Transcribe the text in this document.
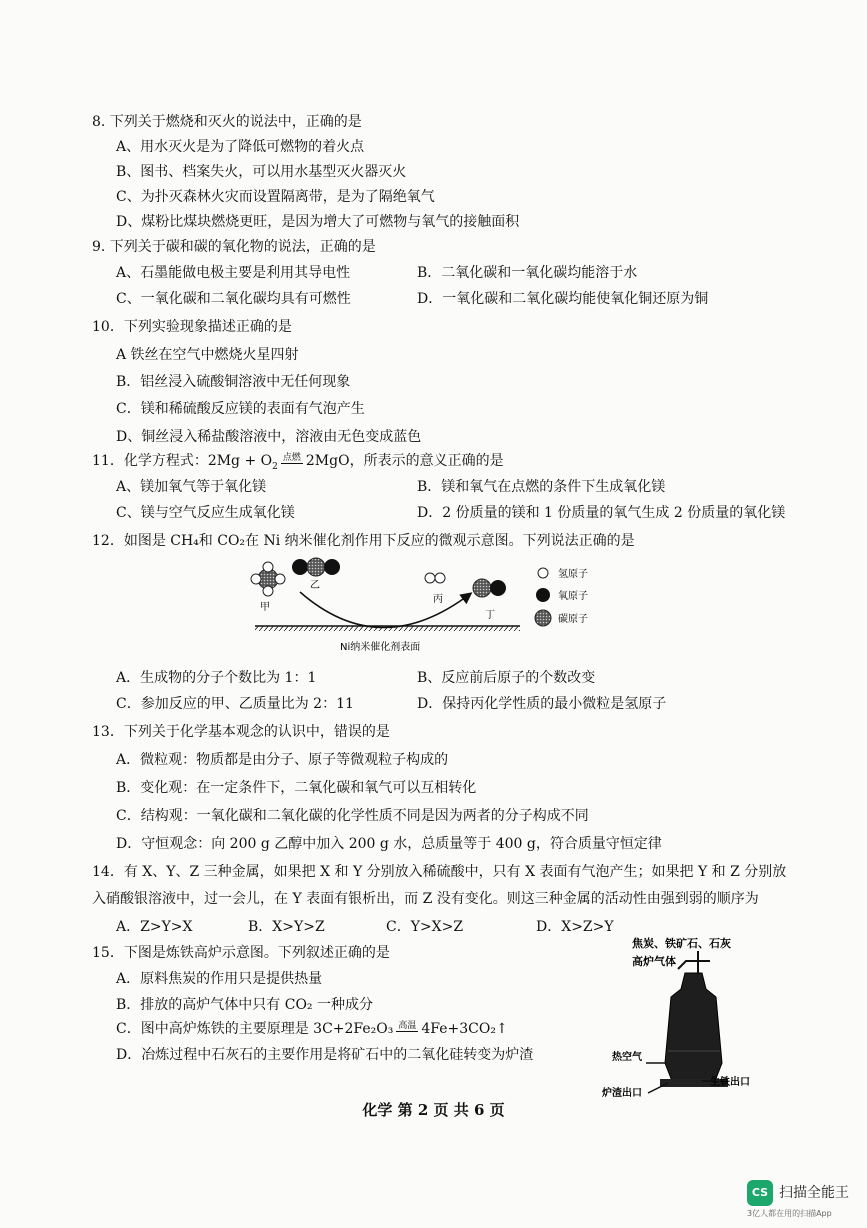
8. 下列关于燃烧和灭火的说法中，正确的是
A、用水灭火是为了降低可燃物的着火点
B、图书、档案失火，可以用水基型灭火器灭火
C、为扑灭森林火灾而设置隔离带，是为了隔绝氧气
D、煤粉比煤块燃烧更旺，是因为增大了可燃物与氧气的接触面积
9. 下列关于碳和碳的氧化物的说法，正确的是
A、石墨能做电极主要是利用其导电性	B．二氧化碳和一氧化碳均能溶于水
C、一氧化碳和二氧化碳均具有可燃性	D．一氧化碳和二氧化碳均能使氧化铜还原为铜
10．下列实验现象描述正确的是
A 铁丝在空气中燃烧火星四射
B．铝丝浸入硫酸铜溶液中无任何现象
C．镁和稀硫酸反应镁的表面有气泡产生
D、铜丝浸入稀盐酸溶液中，溶液由无色变成蓝色
11．化学方程式：$2Mg + O_2$
点燃 2MgO，所表示的意义正确的是
A、镁加氧气等于氧化镁	B．镁和氧气在点燃的条件下生成氧化镁
C、镁与空气反应生成氧化镁	D．2 份质量的镁和 1 份质量的氧气生成 2 份质量的氧化镁
12．如图是 CH₄和 CO₂在 Ni 纳米催化剂作用下反应的微观示意图。下列说法正确的是
甲
乙
丙
丁
氢原子
氧原子
碳原子
Ni纳米催化剂表面
A．生成物的分子个数比为 1：1	B、反应前后原子的个数改变
C．参加反应的甲、乙质量比为 2：11	D．保持丙化学性质的最小微粒是氢原子
13．下列关于化学基本观念的认识中，错误的是
A．微粒观：物质都是由分子、原子等微观粒子构成的
B．变化观：在一定条件下，二氧化碳和氧气可以互相转化
C．结构观：一氧化碳和二氧化碳的化学性质不同是因为两者的分子构成不同
D．守恒观念：向 200 g 乙醇中加入 200 g 水，总质量等于 400 g，符合质量守恒定律
14．有 X、Y、Z 三种金属，如果把 X 和 Y 分别放入稀硫酸中，只有 X 表面有气泡产生；如果把 Y 和 Z 分别放
入硝酸银溶液中，过一会儿，在 Y 表面有银析出，而 Z 没有变化。则这三种金属的活动性由强到弱的顺序为
A．Z>Y>X	B．X>Y>Z	C．Y>X>Z	D．X>Z>Y
15．下图是炼铁高炉示意图。下列叙述正确的是
A．原料焦炭的作用只是提供热量
B．排放的高炉气体中只有 CO₂ 一种成分
C．图中高炉炼铁的主要原理是 3C+2Fe₂O₃ 高温 4Fe+3CO₂↑
D．冶炼过程中石灰石的主要作用是将矿石中的二氧化硅转变为炉渣
焦炭、铁矿石、石灰
高炉气体
热空气
生铁出口
炉渣出口
化学 第 2 页 共 6 页
CS 扫描全能王
3亿人都在用的扫描App
